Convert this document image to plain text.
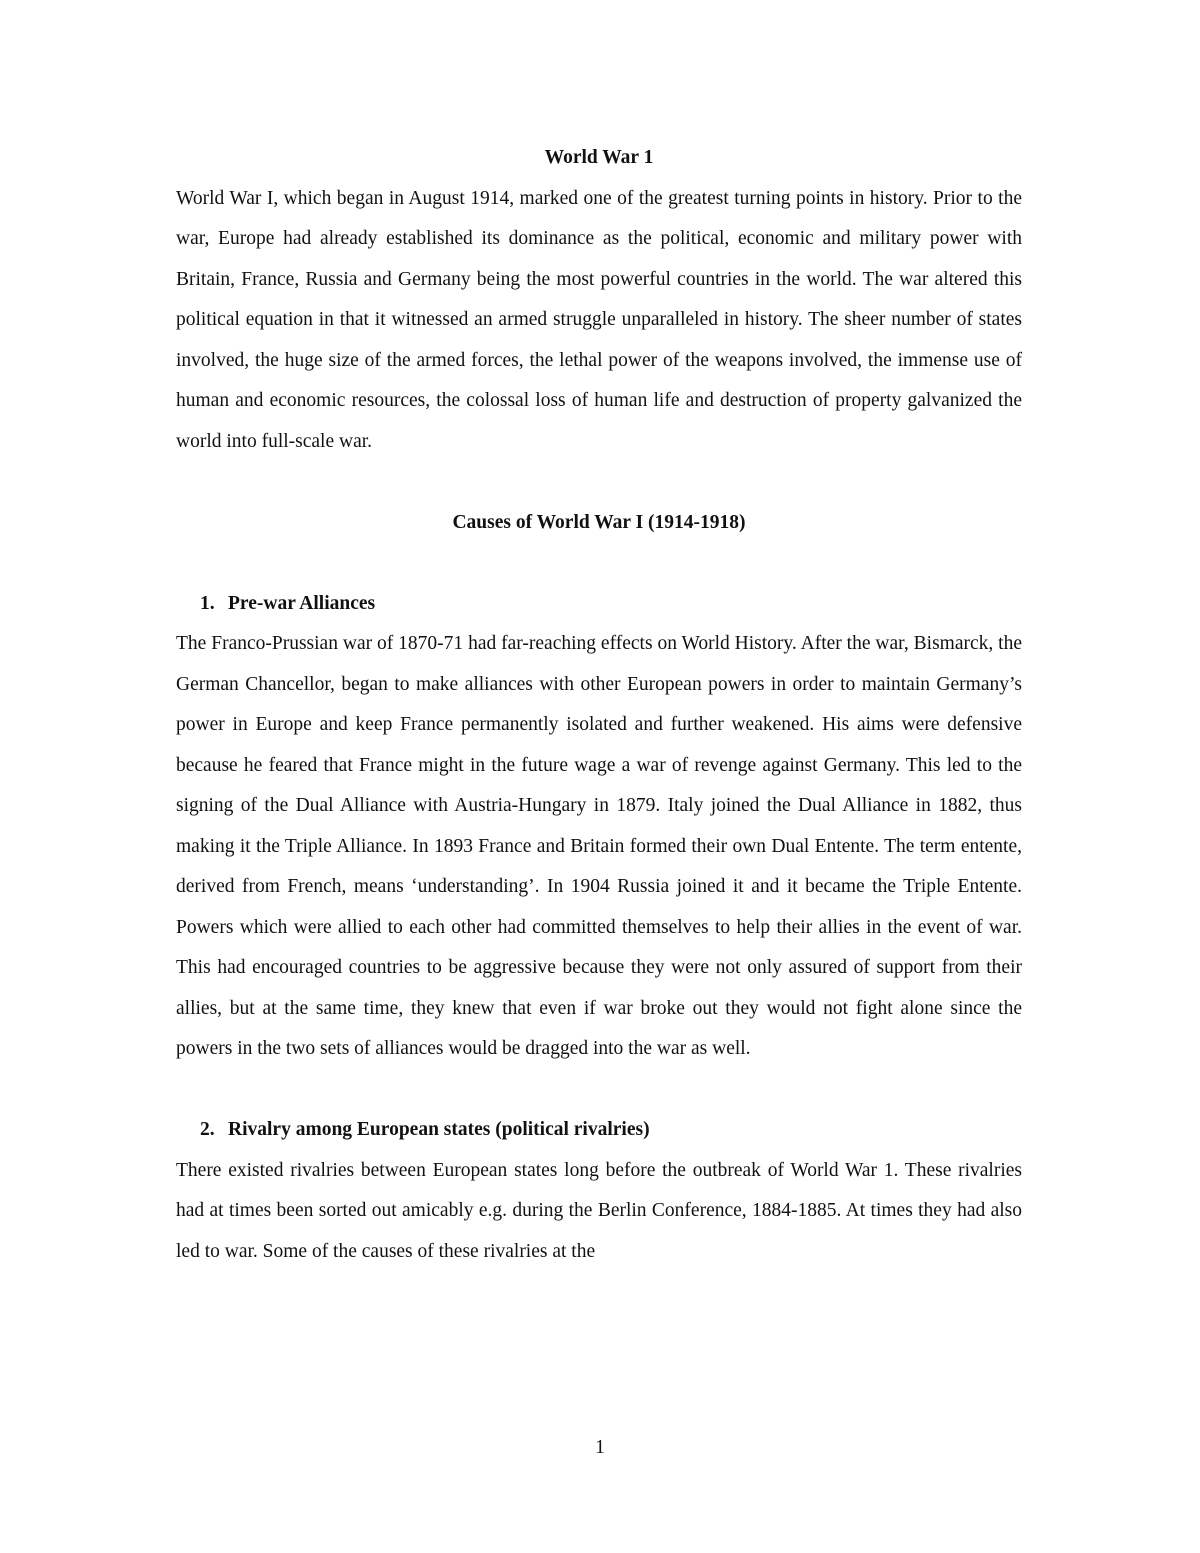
World War 1

World War I, which began in August 1914, marked one of the greatest turning points in history. Prior to the war, Europe had already established its dominance as the political, economic and military power with Britain, France, Russia and Germany being the most powerful countries in the world. The war altered this political equation in that it witnessed an armed struggle unparalleled in history. The sheer number of states involved, the huge size of the armed forces, the lethal power of the weapons involved, the immense use of human and economic resources, the colossal loss of human life and destruction of property galvanized the world into full-scale war.

Causes of World War I (1914-1918)

1. Pre-war Alliances

The Franco-Prussian war of 1870-71 had far-reaching effects on World History. After the war, Bismarck, the German Chancellor, began to make alliances with other European powers in order to maintain Germany’s power in Europe and keep France permanently isolated and further weakened. His aims were defensive because he feared that France might in the future wage a war of revenge against Germany. This led to the signing of the Dual Alliance with Austria-Hungary in 1879. Italy joined the Dual Alliance in 1882, thus making it the Triple Alliance. In 1893 France and Britain formed their own Dual Entente. The term entente, derived from French, means ‘understanding’. In 1904 Russia joined it and it became the Triple Entente. Powers which were allied to each other had committed themselves to help their allies in the event of war. This had encouraged countries to be aggressive because they were not only assured of support from their allies, but at the same time, they knew that even if war broke out they would not fight alone since the powers in the two sets of alliances would be dragged into the war as well.

2. Rivalry among European states (political rivalries)

There existed rivalries between European states long before the outbreak of World War 1. These rivalries had at times been sorted out amicably e.g. during the Berlin Conference, 1884-1885. At times they had also led to war. Some of the causes of these rivalries at the

1
